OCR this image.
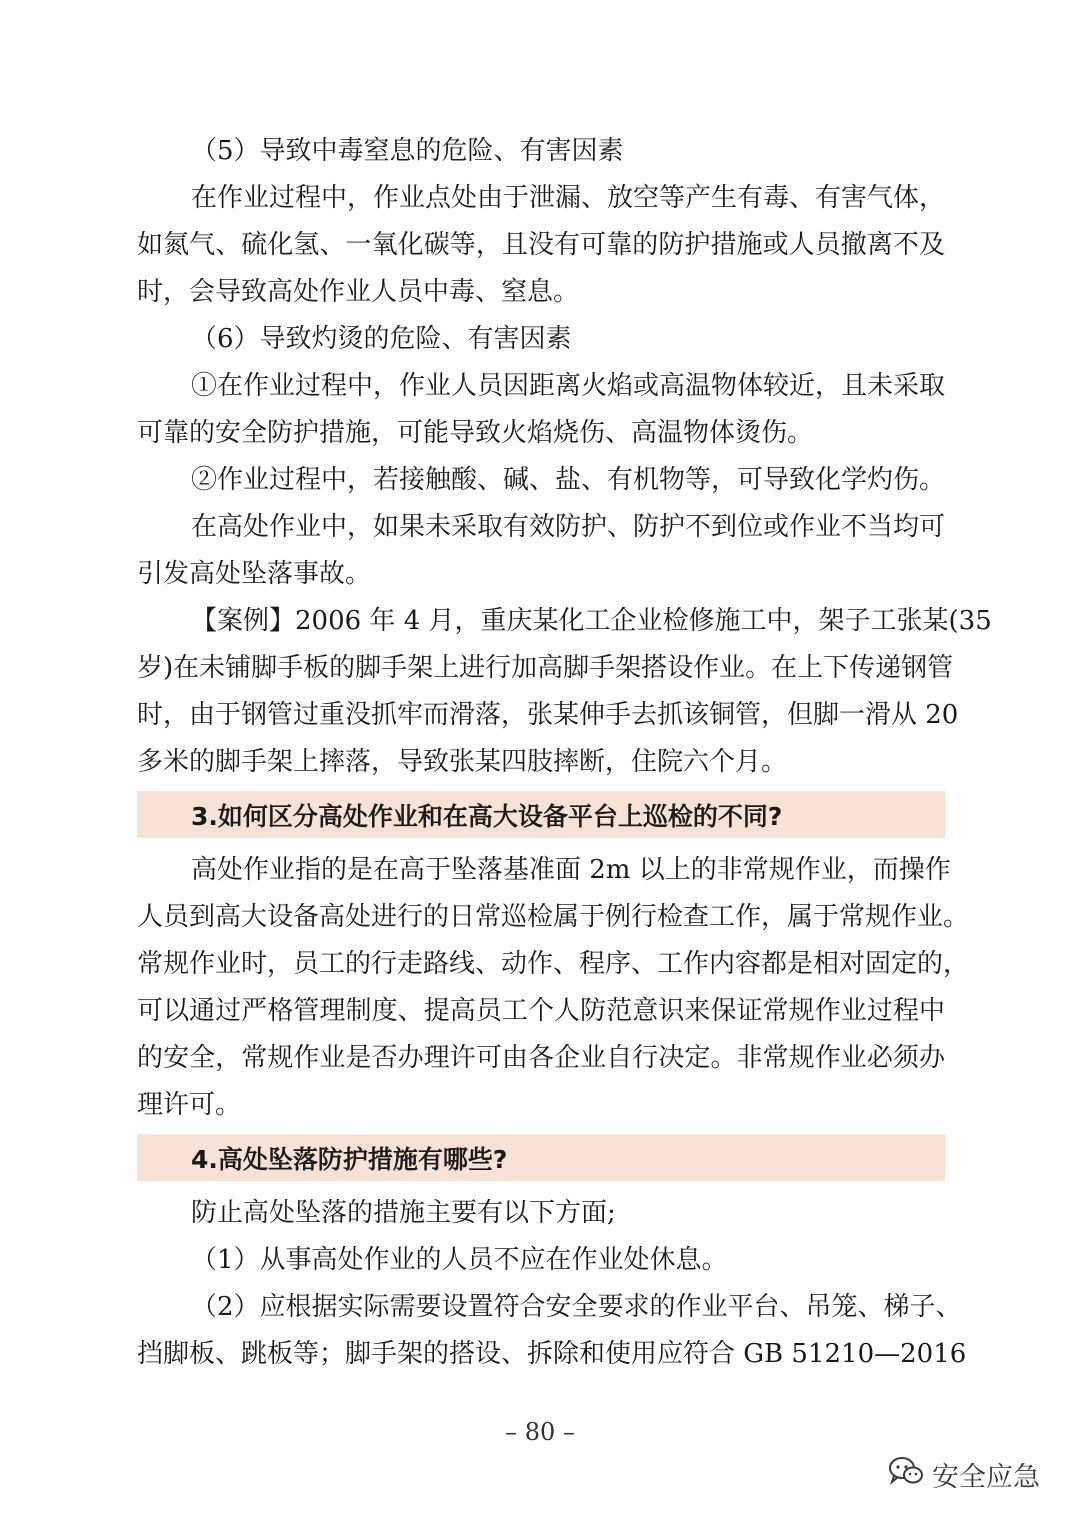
（5）导致中毒窒息的危险、有害因素

在作业过程中，作业点处由于泄漏、放空等产生有毒、有害气体，

如氮气、硫化氢、一氧化碳等，且没有可靠的防护措施或人员撤离不及

时，会导致高处作业人员中毒、窒息。

（6）导致灼烫的危险、有害因素

①在作业过程中，作业人员因距离火焰或高温物体较近，且未采取

可靠的安全防护措施，可能导致火焰烧伤、高温物体烫伤。

②作业过程中，若接触酸、碱、盐、有机物等，可导致化学灼伤。

在高处作业中，如果未采取有效防护、防护不到位或作业不当均可

引发高处坠落事故。

【案例】2006 年 4 月，重庆某化工企业检修施工中，架子工张某(35

岁)在未铺脚手板的脚手架上进行加高脚手架搭设作业。在上下传递钢管

时，由于钢管过重没抓牢而滑落，张某伸手去抓该铜管，但脚一滑从 20

多米的脚手架上摔落，导致张某四肢摔断，住院六个月。

3.如何区分高处作业和在高大设备平台上巡检的不同?

高处作业指的是在高于坠落基准面 2m 以上的非常规作业，而操作

人员到高大设备高处进行的日常巡检属于例行检查工作，属于常规作业。

常规作业时，员工的行走路线、动作、程序、工作内容都是相对固定的，

可以通过严格管理制度、提高员工个人防范意识来保证常规作业过程中

的安全，常规作业是否办理许可由各企业自行决定。非常规作业必须办

理许可。

4.高处坠落防护措施有哪些?

防止高处坠落的措施主要有以下方面;

（1）从事高处作业的人员不应在作业处休息。

（2）应根据实际需要设置符合安全要求的作业平台、吊笼、梯子、

挡脚板、跳板等；脚手架的搭设、拆除和使用应符合 GB 51210—2016

– 80 –
安全应急
